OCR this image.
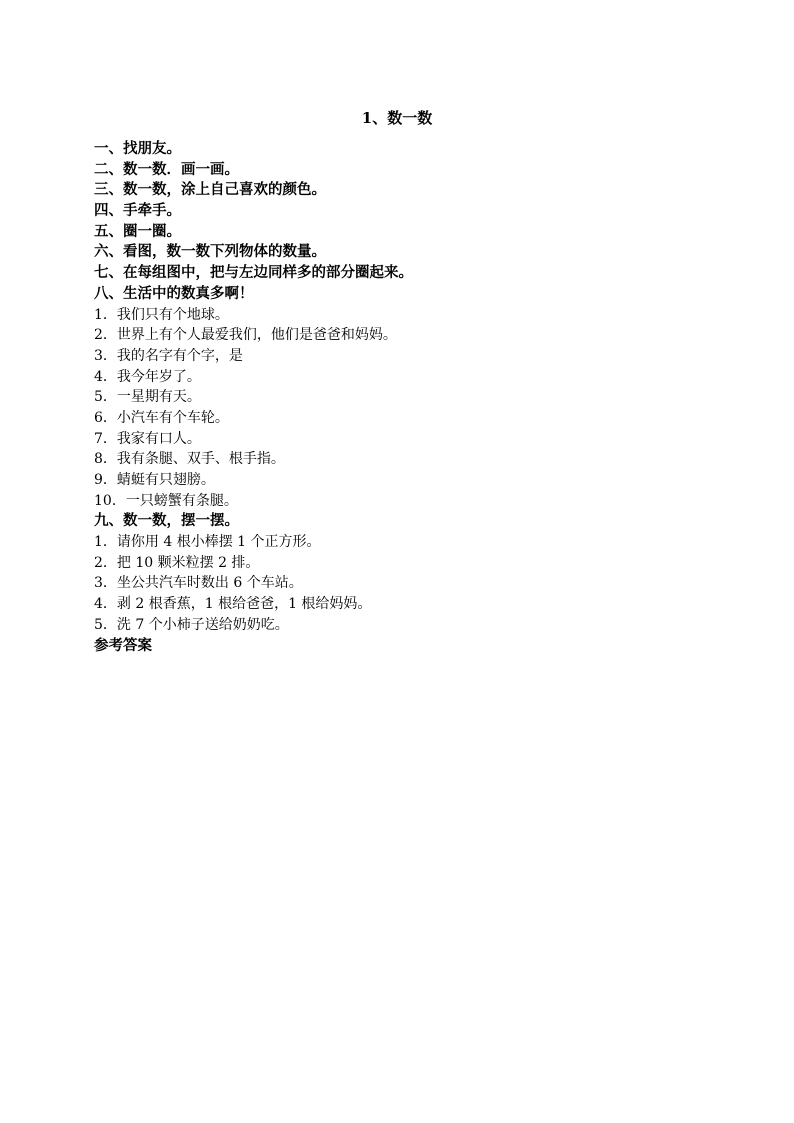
1、数一数
一、找朋友。
二、数一数．画一画。
三、数一数，涂上自己喜欢的颜色。
四、手牵手。
五、圈一圈。
六、看图，数一数下列物体的数量。
七、在每组图中，把与左边同样多的部分圈起来。
八、生活中的数真多啊！
1．我们只有个地球。
2．世界上有个人最爱我们，他们是爸爸和妈妈。
3．我的名字有个字，是
4．我今年岁了。
5．一星期有天。
6．小汽车有个车轮。
7．我家有口人。
8．我有条腿、双手、根手指。
9．蜻蜓有只翅膀。
10．一只螃蟹有条腿。
九、数一数，摆一摆。
1．请你用 4 根小棒摆 1 个正方形。
2．把 10 颗米粒摆 2 排。
3．坐公共汽车时数出 6 个车站。
4．剥 2 根香蕉，1 根给爸爸，1 根给妈妈。
5．洗 7 个小柿子送给奶奶吃。
参考答案
